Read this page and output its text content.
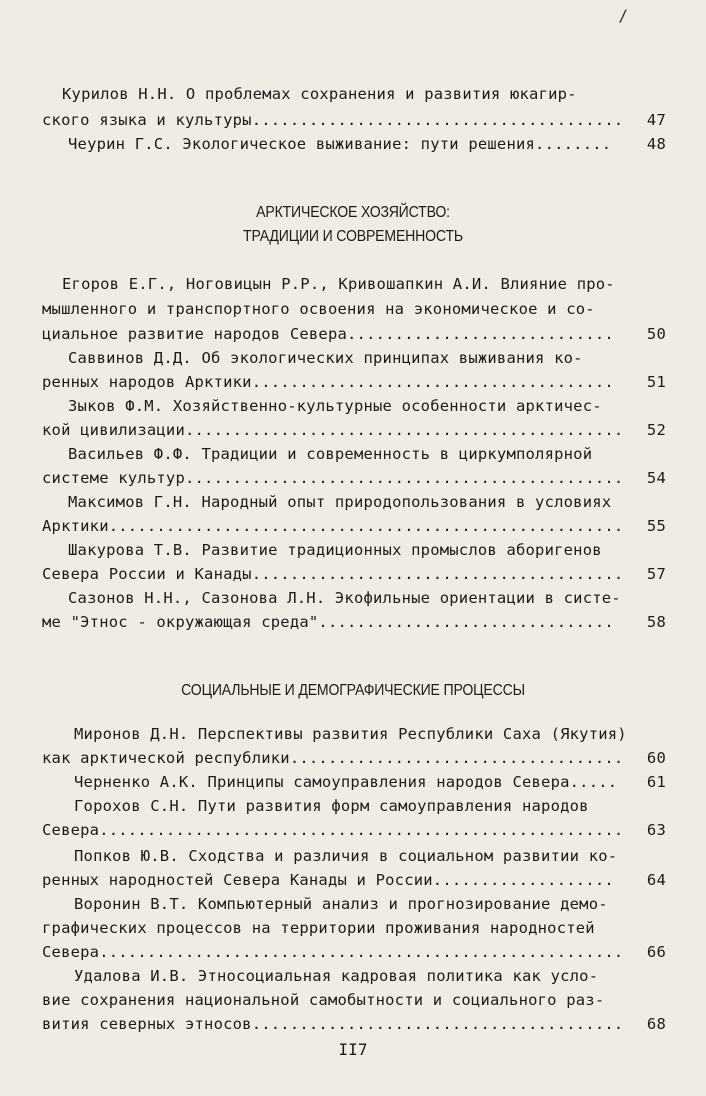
/
Курилов Н.Н. О проблемах сохранения и развития юкагир-
ского языка и культуры....................................... 47
Чеурин Г.С. Экологическое выживание: пути решения........ 48
АРКТИЧЕСКОЕ ХОЗЯЙСТВО:
ТРАДИЦИИ И СОВРЕМЕННОСТЬ
Егоров Е.Г., Ноговицын Р.Р., Кривошапкин А.И. Влияние про-
мышленного и транспортного освоения на экономическое и со-
циальное развитие народов Севера............................ 50
Саввинов Д.Д. Об экологических принципах выживания ко-
ренных народов Арктики...................................... 51
Зыков Ф.М. Хозяйственно-культурные особенности арктичес-
кой цивилизации.............................................. 52
Васильев Ф.Ф. Традиции и современность в циркумполярной
системе культур.............................................. 54
Максимов Г.Н. Народный опыт природопользования в условиях
Арктики...................................................... 55
Шакурова Т.В. Развитие традиционных промыслов аборигенов
Севера России и Канады....................................... 57
Сазонов Н.Н., Сазонова Л.Н. Экофильные ориентации в систе-
ме "Этнос - окружающая среда"............................... 58
СОЦИАЛЬНЫЕ И ДЕМОГРАФИЧЕСКИЕ ПРОЦЕССЫ
Миронов Д.Н. Перспективы развития Республики Саха (Якутия)
как арктической республики................................... 60
Черненко А.К. Принципы самоуправления народов Севера..... 61
Горохов С.Н. Пути развития форм самоуправления народов
Севера....................................................... 63
Попков Ю.В. Сходства и различия в социальном развитии ко-
ренных народностей Севера Канады и России................... 64
Воронин В.Т. Компьютерный анализ и прогнозирование демо-
графических процессов на территории проживания народностей
Севера....................................................... 66
Удалова И.В. Этносоциальная кадровая политика как усло-
вие сохранения национальной самобытности и социального раз-
вития северных этносов....................................... 68
II7
